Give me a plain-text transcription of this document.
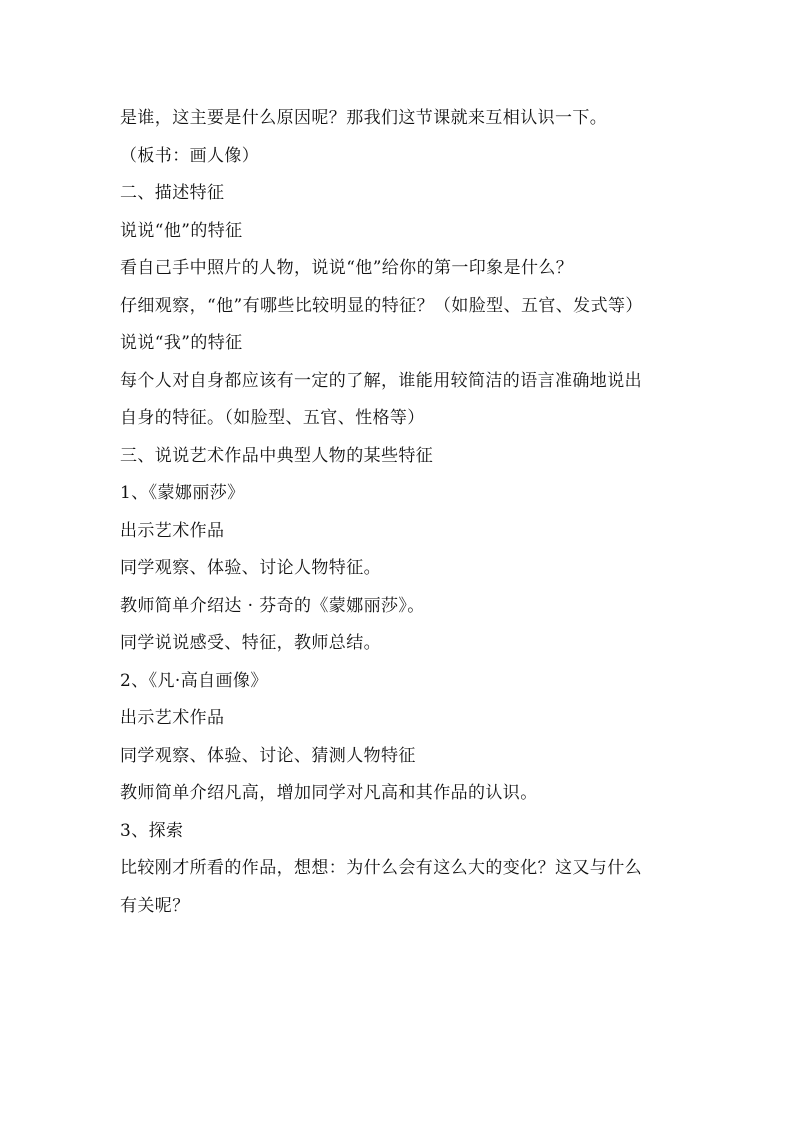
是谁，这主要是什么原因呢？那我们这节课就来互相认识一下。
（板书：画人像）
二、描述特征
说说“他”的特征
看自己手中照片的人物，说说“他”给你的第一印象是什么？
仔细观察，“他”有哪些比较明显的特征？（如脸型、五官、发式等）
说说“我”的特征
每个人对自身都应该有一定的了解，谁能用较简洁的语言准确地说出
自身的特征。（如脸型、五官、性格等）
三、说说艺术作品中典型人物的某些特征
1、《蒙娜丽莎》
出示艺术作品
同学观察、体验、讨论人物特征。
教师简单介绍达 · 芬奇的《蒙娜丽莎》。
同学说说感受、特征，教师总结。
2、《凡·高自画像》
出示艺术作品
同学观察、体验、讨论、猜测人物特征
教师简单介绍凡高，增加同学对凡高和其作品的认识。
3、探索
比较刚才所看的作品，想想：为什么会有这么大的变化？这又与什么
有关呢？
